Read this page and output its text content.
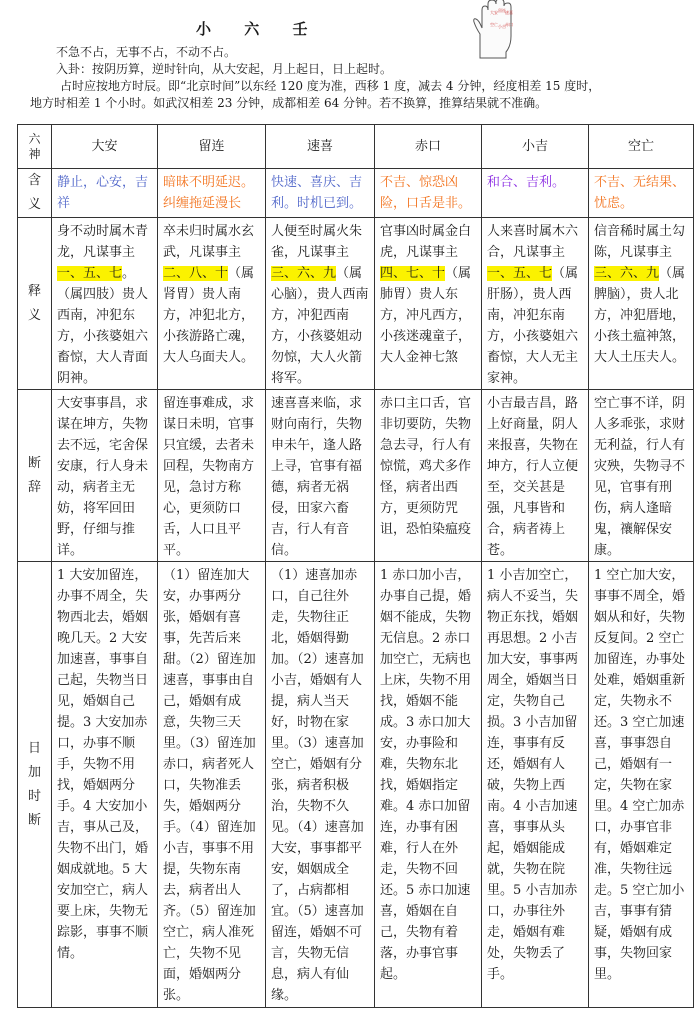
小 六 壬
大安 留连 速喜
空亡 小吉 赤口

不急不占，无事不占，不动不占。

入卦：按阴历算，逆时针向，从大安起，月上起日，日上起时。

占时应按地方时辰。即“北京时间”以东经 120 度为准，西移 1 度，减去 4 分钟，经度相差 15 度时，

地方时相差 1 个小时。如武汉相差 23 分钟，成都相差 64 分钟。若不换算，推算结果就不准确。

六神	大安	留连	速喜	赤口	小吉	空亡
含义	静止，心安，吉祥	暗昧不明延迟。纠缠拖延漫长	快速、喜庆、吉利。时机已到。	不吉、惊恐凶险，口舌是非。	和合、吉利。	不吉、无结果、忧虑。
释义	身不动时属木青龙，凡谋事主一、五、七。（属四肢）贵人西南，冲犯东方，小孩婆姐六畜惊，大人青面阴神。	卒未归时属水玄武，凡谋事主二、八、十（属肾胃）贵人南方，冲犯北方，小孩游路亡魂，大人乌面夫人。	人便至时属火朱雀，凡谋事主三、六、九（属心脑），贵人西南方，冲犯西南方，小孩婆姐动勿惊，大人火箭将军。	官事凶时属金白虎，凡谋事主四、七、十（属肺胃）贵人东方，冲凡西方，小孩迷魂童子，大人金神七煞	人来喜时属木六合，凡谋事主一、五、七（属肝肠），贵人西南，冲犯东南方，小孩婆姐六畜惊，大人无主家神。	信音稀时属土勾陈，凡谋事主三、六、九（属脾脑），贵人北方，冲犯厝地，小孩土瘟神煞，大人土压夫人。
断辞	大安事事昌，求谋在坤方，失物去不远，宅舍保安康，行人身未动，病者主无妨，将军回田野，仔细与推详。	留连事难成，求谋日未明，官事只宜缓，去者未回程，失物南方见，急讨方称心，更须防口舌，人口且平平。	速喜喜来临，求财向南行，失物申未午，逢人路上寻，官事有福德，病者无祸侵，田家六畜吉，行人有音信。	赤口主口舌，官非切要防，失物急去寻，行人有惊慌，鸡犬多作怪，病者出西方，更须防咒诅，恐怕染瘟疫	小吉最吉昌，路上好商量，阴人来报喜，失物在坤方，行人立便至，交关甚是强，凡事皆和合，病者祷上苍。	空亡事不详，阴人多乖张，求财无利益，行人有灾殃，失物寻不见，官事有刑伤，病人逢暗鬼，禳解保安康。
日加时断	1 大安加留连，办事不周全，失物西北去，婚姻晚几天。2 大安加速喜，事事自己起，失物当日见，婚姻自己提。3 大安加赤口，办事不顺手，失物不用找，婚姻两分手。4 大安加小吉，事从己及，失物不出门，婚姻成就地。5 大安加空亡，病人要上床，失物无踪影，事事不顺情。	（1）留连加大安，办事两分张，婚姻有喜事，先苦后来甜。（2）留连加速喜，事事由自己，婚姻有成意，失物三天里。（3）留连加赤口，病者死人口，失物准丢失，婚姻两分手。（4）留连加小吉，事事不用提，失物东南去，病者出人齐。（5）留连加空亡，病人准死亡，失物不见面，婚姻两分张。	（1）速喜加赤口，自己往外走，失物往正北，婚姻得勤加。（2）速喜加小吉，婚姻有人提，病人当天好，时物在家里。（3）速喜加空亡，婚姻有分张，病者积极治，失物不久见。（4）速喜加大安，事事都平安，姻姻成全了，占病都相宜。（5）速喜加留连，婚姻不可言，失物无信息，病人有仙缘。	1 赤口加小吉，办事自己提，婚姻不能成，失物无信息。2 赤口加空亡，无病也上床，失物不用找，婚姻不能成。3 赤口加大安，办事险和难，失物东北找，婚姻指定难。4 赤口加留连，办事有困难，行人在外走，失物不回还。5 赤口加速喜，婚姻在自己，失物有着落，办事官事起。	1 小吉加空亡，病人不妥当，失物正东找，婚姻再思想。2 小吉加大安，事事两周全，婚姻当日定，失物自己损。3 小吉加留连，事事有反还，婚姻有人破，失物上西南。4 小吉加速喜，事事从头起，婚姻能成就，失物在院里。5 小吉加赤口，办事往外走，婚姻有难处，失物丢了手。	1 空亡加大安，事事不周全，婚姻从和好，失物反复间。2 空亡加留连，办事处处难，婚姻重新定，失物永不还。3 空亡加速喜，事事怨自己，婚姻有一定，失物在家里。4 空亡加赤口，办事官非有，婚姻难定准，失物往远走。5 空亡加小吉，事事有猜疑，婚姻有成事，失物回家里。
